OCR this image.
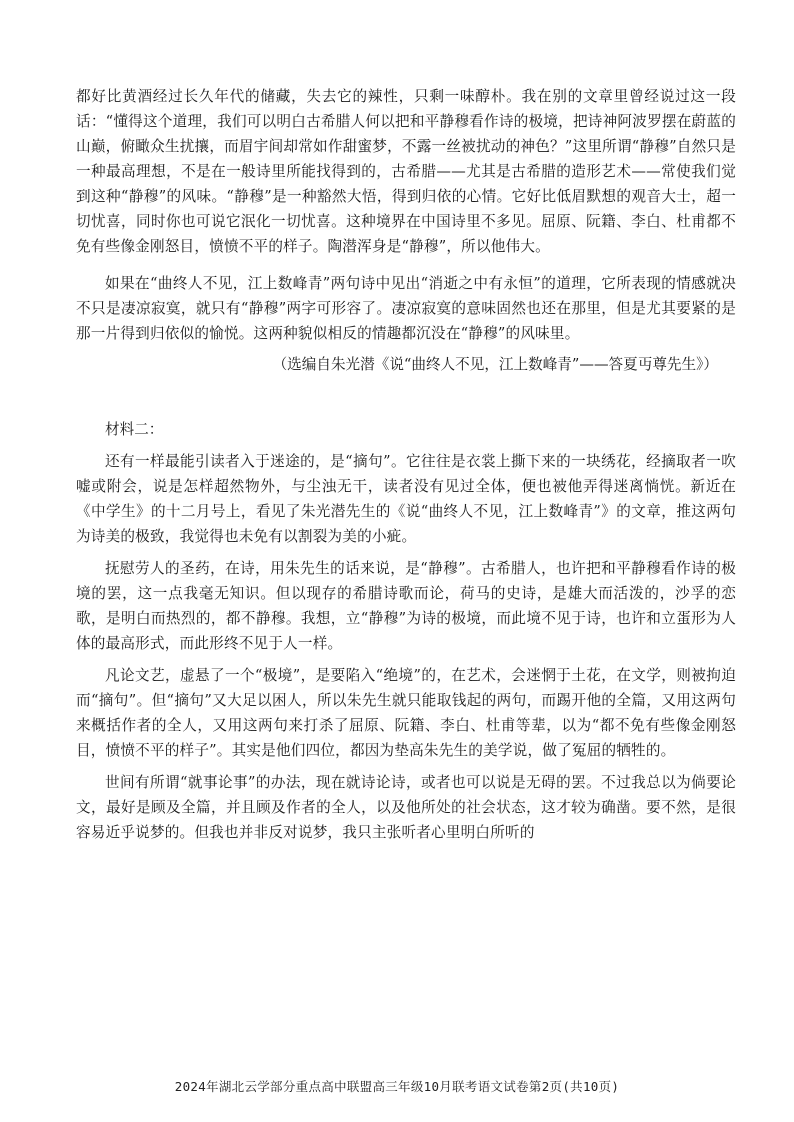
都好比黄酒经过长久年代的储藏，失去它的辣性，只剩一味醇朴。我在别的文章里曾经说过这一段话：“懂得这个道理，我们可以明白古希腊人何以把和平静穆看作诗的极境，把诗神阿波罗摆在蔚蓝的山巅，俯瞰众生扰攘，而眉宇间却常如作甜蜜梦，不露一丝被扰动的神色？”这里所谓“静穆”自然只是一种最高理想，不是在一般诗里所能找得到的，古希腊——尤其是古希腊的造形艺术——常使我们觉到这种“静穆”的风味。“静穆”是一种豁然大悟，得到归依的心情。它好比低眉默想的观音大士，超一切忧喜，同时你也可说它泯化一切忧喜。这种境界在中国诗里不多见。屈原、阮籍、李白、杜甫都不免有些像金刚怒目，愤愤不平的样子。陶潜浑身是“静穆”，所以他伟大。

如果在“曲终人不见，江上数峰青”两句诗中见出“消逝之中有永恒”的道理，它所表现的情感就决不只是凄凉寂寞，就只有“静穆”两字可形容了。凄凉寂寞的意味固然也还在那里，但是尤其要紧的是那一片得到归依似的愉悦。这两种貌似相反的情趣都沉没在“静穆”的风味里。

（选编自朱光潜《说“曲终人不见，江上数峰青”——答夏丏尊先生》）

材料二：

还有一样最能引读者入于迷途的，是“摘句”。它往往是衣裳上撕下来的一块绣花，经摘取者一吹嘘或附会，说是怎样超然物外，与尘浊无干，读者没有见过全体，便也被他弄得迷离惝恍。新近在《中学生》的十二月号上，看见了朱光潜先生的《说“曲终人不见，江上数峰青”》的文章，推这两句为诗美的极致，我觉得也未免有以割裂为美的小疵。

抚慰劳人的圣药，在诗，用朱先生的话来说，是“静穆”。古希腊人，也许把和平静穆看作诗的极境的罢，这一点我毫无知识。但以现存的希腊诗歌而论，荷马的史诗，是雄大而活泼的，沙孚的恋歌，是明白而热烈的，都不静穆。我想，立“静穆”为诗的极境，而此境不见于诗，也许和立蛋形为人体的最高形式，而此形终不见于人一样。

凡论文艺，虚悬了一个“极境”，是要陷入“绝境”的，在艺术，会迷惘于土花，在文学，则被拘迫而“摘句”。但“摘句”又大足以困人，所以朱先生就只能取钱起的两句，而踢开他的全篇，又用这两句来概括作者的全人，又用这两句来打杀了屈原、阮籍、李白、杜甫等辈，以为“都不免有些像金刚怒目，愤愤不平的样子”。其实是他们四位，都因为垫高朱先生的美学说，做了冤屈的牺牲的。

世间有所谓“就事论事”的办法，现在就诗论诗，或者也可以说是无碍的罢。不过我总以为倘要论文，最好是顾及全篇，并且顾及作者的全人，以及他所处的社会状态，这才较为确凿。要不然，是很容易近乎说梦的。但我也并非反对说梦，我只主张听者心里明白所听的

2024年湖北云学部分重点高中联盟高三年级10月联考语文试卷第2页(共10页)
